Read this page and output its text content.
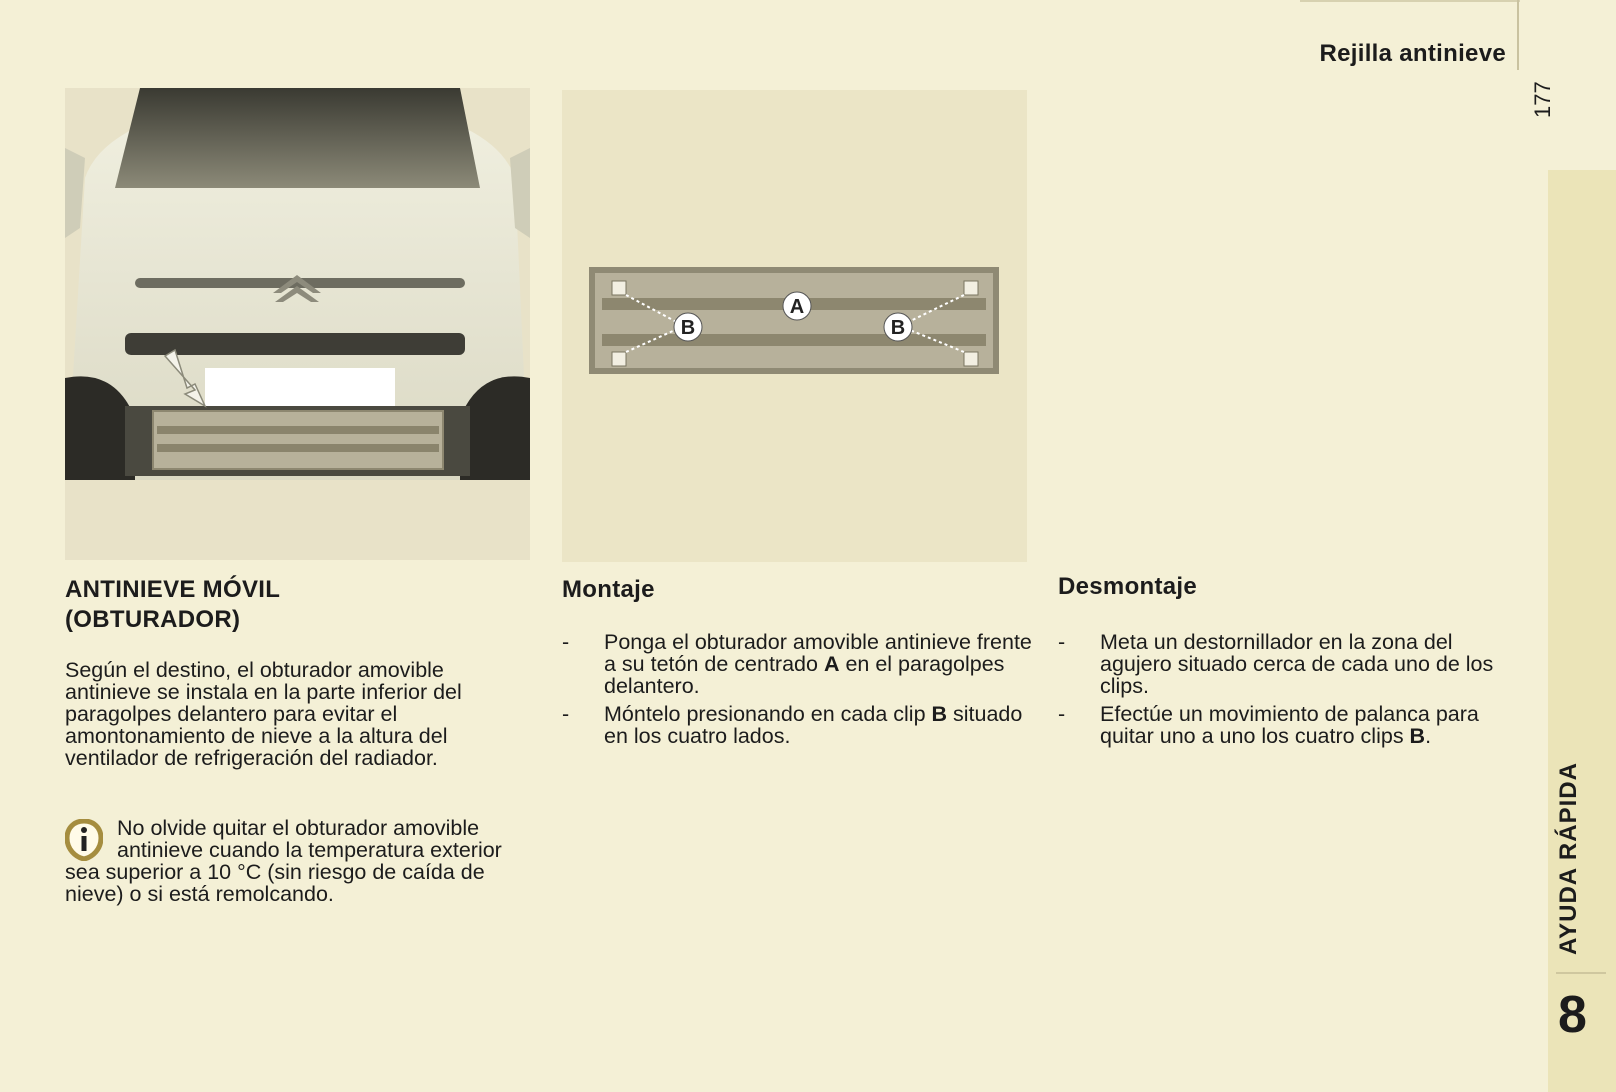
Rejilla antinieve
177
AYUDA RÁPIDA
8
A
B	B
ANTINIEVE MÓVIL
(OBTURADOR)

Según el destino, el obturador amovible antinieve se instala en la parte inferior del paragolpes delantero para evitar el amontonamiento de nieve a la altura del ventilador de refrigeración del radiador.

No olvide quitar el obturador amovible antinieve cuando la temperatura exterior sea superior a 10 °C (sin riesgo de caída de nieve) o si está remolcando.
Montaje
- Ponga el obturador amovible antinieve frente a su tetón de centrado A en el paragolpes delantero.
- Móntelo presionando en cada clip B situado en los cuatro lados.
Desmontaje
- Meta un destornillador en la zona del agujero situado cerca de cada uno de los clips.
- Efectúe un movimiento de palanca para quitar uno a uno los cuatro clips B.
